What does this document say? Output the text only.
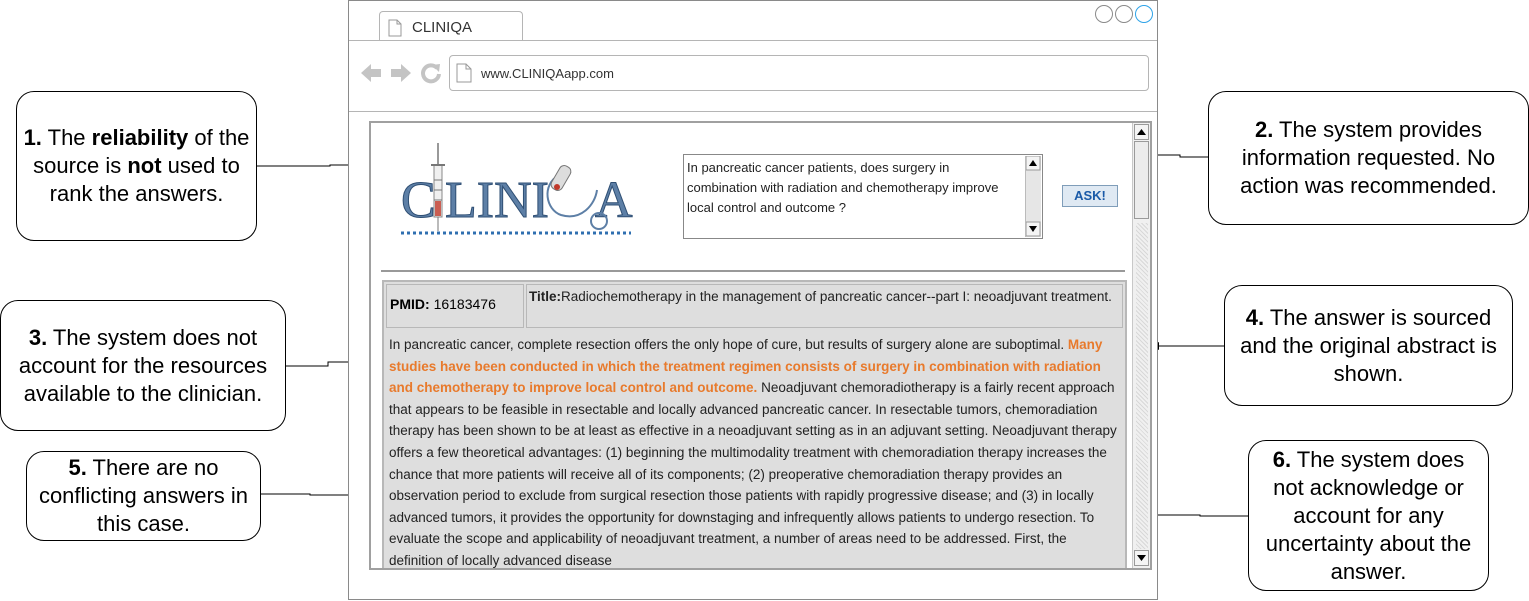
CLINIQA
www.CLINIQAapp.com
C LINI A
In pancreatic cancer patients, does surgery in combination with radiation and chemotherapy improve local control and outcome ?
ASK!
PMID: 16183476	Title:Radiochemotherapy in the management of pancreatic cancer--part I: neoadjuvant treatment.
In pancreatic cancer, complete resection offers the only hope of cure, but results of surgery alone are suboptimal. Many studies have been conducted in which the treatment regimen consists of surgery in combination with radiation and chemotherapy to improve local control and outcome. Neoadjuvant chemoradiotherapy is a fairly recent approach that appears to be feasible in resectable and locally advanced pancreatic cancer. In resectable tumors, chemoradiation therapy has been shown to be at least as effective in a neoadjuvant setting as in an adjuvant setting. Neoadjuvant therapy offers a few theoretical advantages: (1) beginning the multimodality treatment with chemoradiation therapy increases the chance that more patients will receive all of its components; (2) preoperative chemoradiation therapy provides an observation period to exclude from surgical resection those patients with rapidly progressive disease; and (3) in locally advanced tumors, it provides the opportunity for downstaging and infrequently allows patients to undergo resection. To evaluate the scope and applicability of neoadjuvant treatment, a number of areas need to be addressed. First, the definition of locally advanced disease
1. The reliability of the source is not used to rank the answers.
2. The system provides information requested. No action was recommended.
3. The system does not account for the resources available to the clinician.
4. The answer is sourced and the original abstract is shown.
5. There are no conflicting answers in this case.
6. The system does not acknowledge or account for any uncertainty about the answer.
